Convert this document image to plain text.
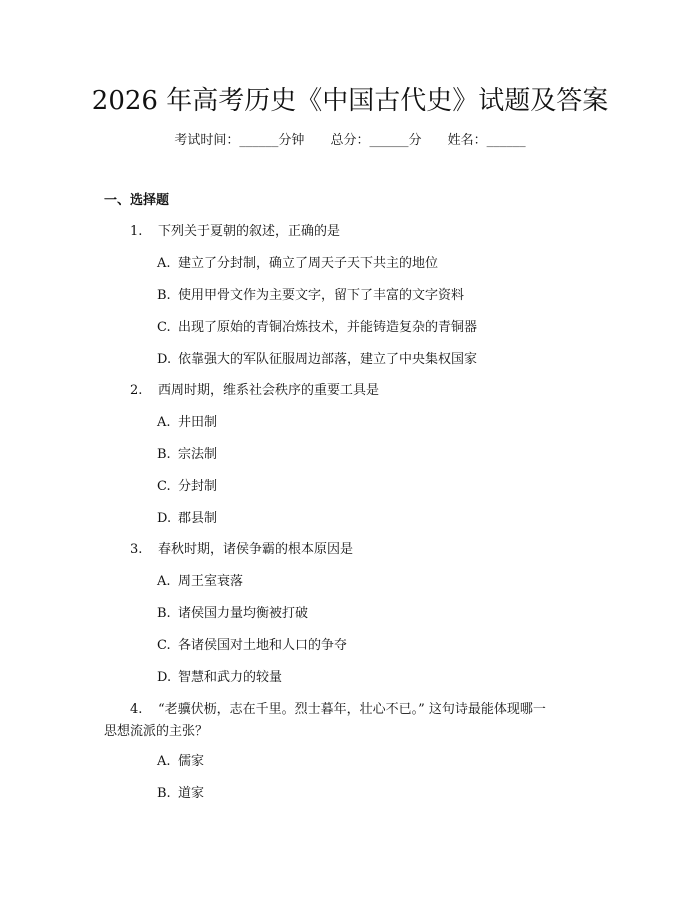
2026 年高考历史《中国古代史》试题及答案
考试时间：______分钟 总分：______分 姓名：______
一、选择题
1. 下列关于夏朝的叙述，正确的是
A. 建立了分封制，确立了周天子天下共主的地位
B. 使用甲骨文作为主要文字，留下了丰富的文字资料
C. 出现了原始的青铜冶炼技术，并能铸造复杂的青铜器
D. 依靠强大的军队征服周边部落，建立了中央集权国家
2. 西周时期，维系社会秩序的重要工具是
A. 井田制
B. 宗法制
C. 分封制
D. 郡县制
3. 春秋时期，诸侯争霸的根本原因是
A. 周王室衰落
B. 诸侯国力量均衡被打破
C. 各诸侯国对土地和人口的争夺
D. 智慧和武力的较量
4. “老骥伏枥，志在千里。烈士暮年，壮心不已。” 这句诗最能体现哪一
思想流派的主张？
A. 儒家
B. 道家
